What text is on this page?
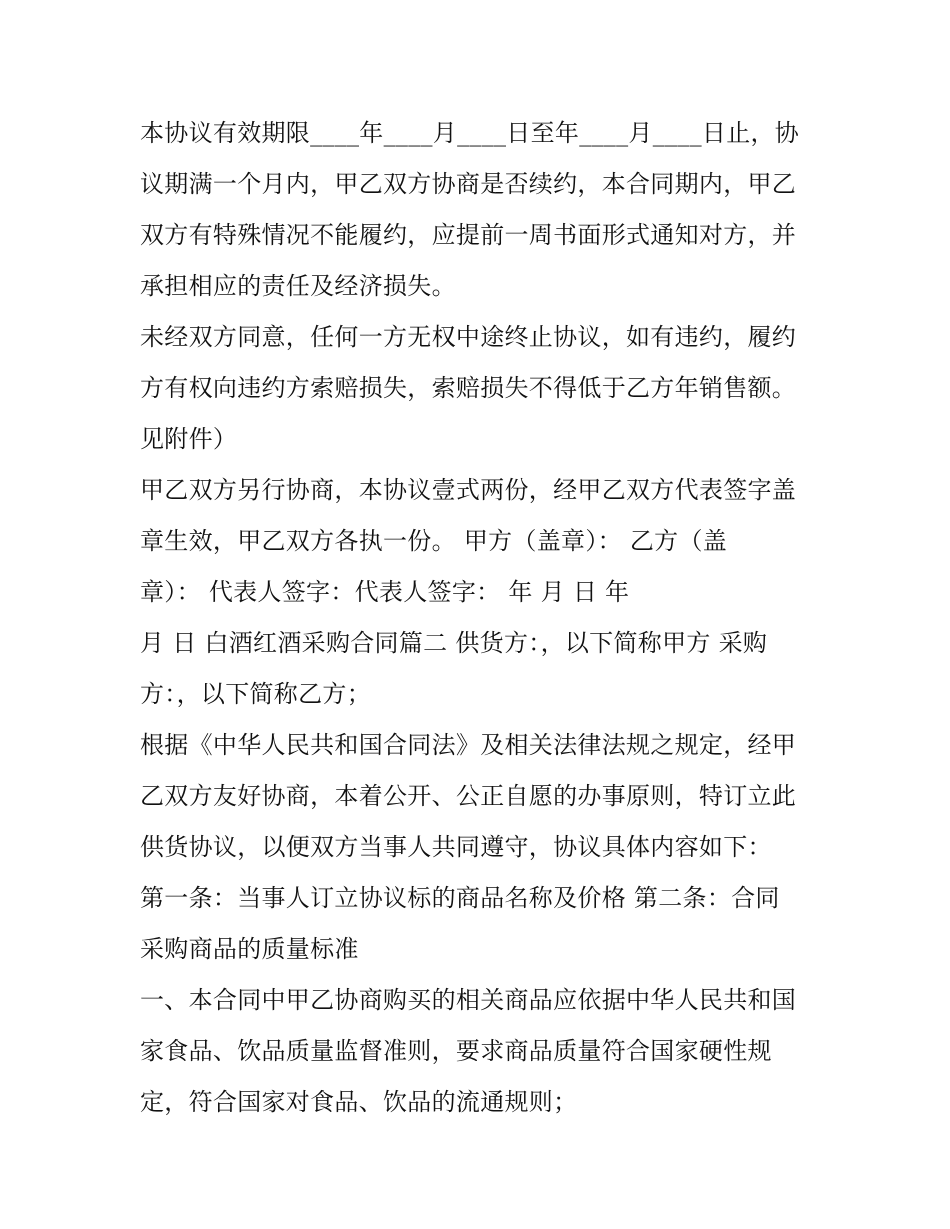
本协议有效期限____年____月____日至年____月____日止，协
议期满一个月内，甲乙双方协商是否续约，本合同期内，甲乙
双方有特殊情况不能履约，应提前一周书面形式通知对方，并
承担相应的责任及经济损失。
未经双方同意，任何一方无权中途终止协议，如有违约，履约
方有权向违约方索赔损失，索赔损失不得低于乙方年销售额。
见附件）
甲乙双方另行协商，本协议壹式两份，经甲乙双方代表签字盖
章生效，甲乙双方各执一份。 甲方（盖章）： 乙方（盖
章）： 代表人签字：代表人签字： 年 月 日 年
月 日 白酒红酒采购合同篇二 供货方：，以下简称甲方 采购
方：，以下简称乙方；
根据《中华人民共和国合同法》及相关法律法规之规定，经甲
乙双方友好协商，本着公开、公正自愿的办事原则，特订立此
供货协议，以便双方当事人共同遵守，协议具体内容如下：
第一条：当事人订立协议标的商品名称及价格 第二条：合同
采购商品的质量标准
一、本合同中甲乙协商购买的相关商品应依据中华人民共和国
家食品、饮品质量监督准则，要求商品质量符合国家硬性规
定，符合国家对食品、饮品的流通规则；
